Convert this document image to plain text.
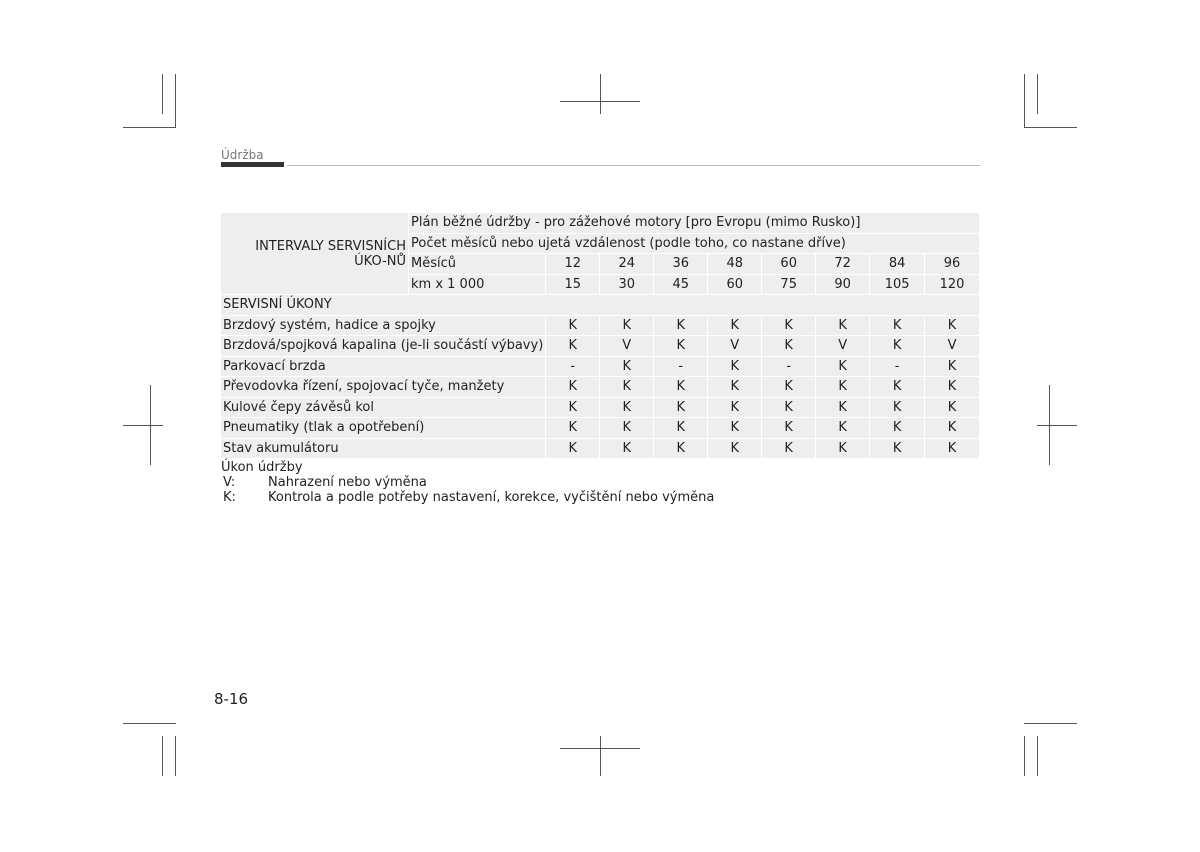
Údržba
INTERVALY SERVISNÍCH ÚKO-NŮ	Plán běžné údržby - pro zážehové motory [pro Evropu (mimo Rusko)]								
	Počet měsíců nebo ujetá vzdálenost (podle toho, co nastane dříve)								
	Měsíců	12	24	36	48	60	72	84	96
	km x 1 000	15	30	45	60	75	90	105	120
SERVISNÍ ÚKONY									
Brzdový systém, hadice a spojky		K	K	K	K	K	K	K	K
Brzdová/spojková kapalina (je-li součástí výbavy)		K	V	K	V	K	V	K	V
Parkovací brzda		-	K	-	K	-	K	-	K
Převodovka řízení, spojovací tyče, manžety		K	K	K	K	K	K	K	K
Kulové čepy závěsů kol		K	K	K	K	K	K	K	K
Pneumatiky (tlak a opotřebení)		K	K	K	K	K	K	K	K
Stav akumulátoru		K	K	K	K	K	K	K	K
Úkon údržby
V:	Nahrazení nebo výměna
K:	Kontrola a podle potřeby nastavení, korekce, vyčištění nebo výměna
8-16
